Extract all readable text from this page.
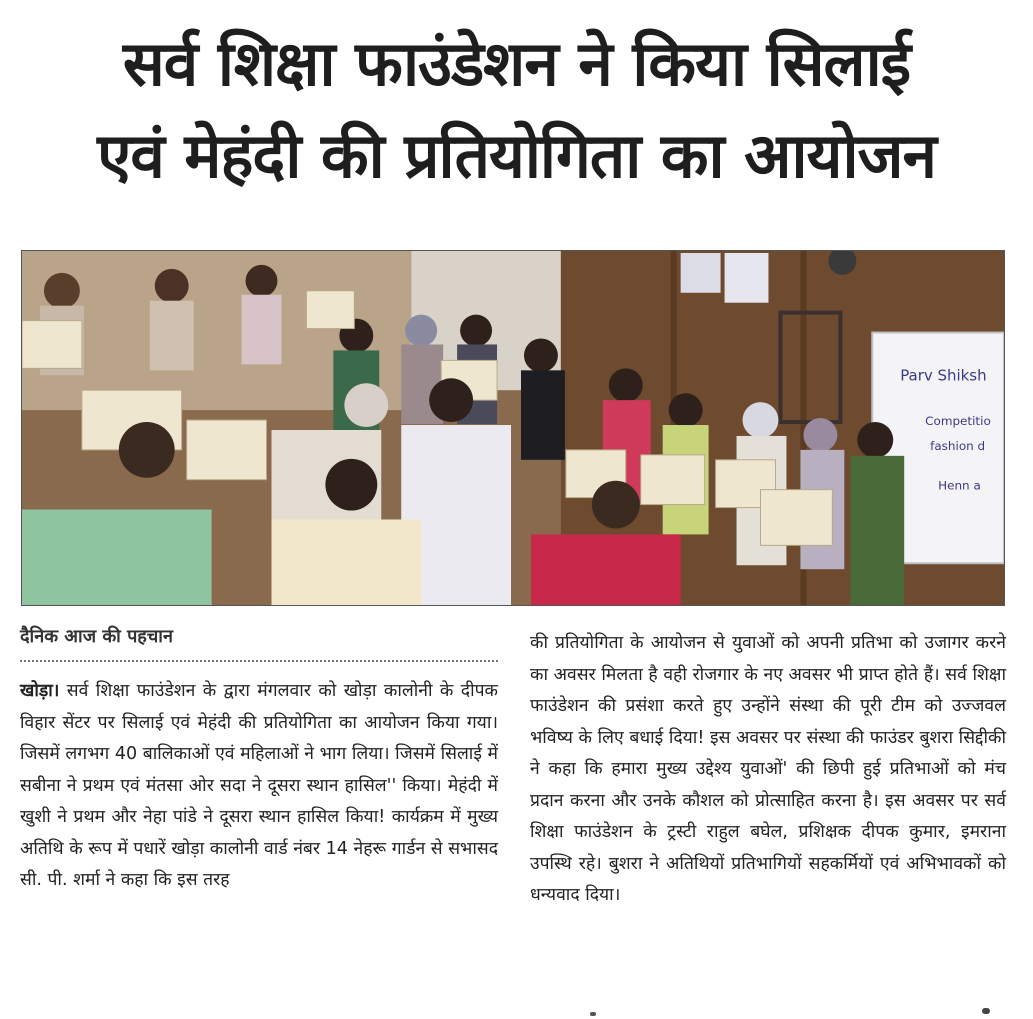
सर्व शिक्षा फाउंडेशन ने किया सिलाई
एवं मेहंदी की प्रतियोगिता का आयोजन
Parv Shiksh
Competitio
fashion d
Henn a
दैनिक आज की पहचान
खोड़ा। सर्व शिक्षा फाउंडेशन के द्वारा मंगलवार को खोड़ा कालोनी के दीपक विहार सेंटर पर सिलाई एवं मेहंदी की प्रतियोगिता का आयोजन किया गया। जिसमें लगभग 40 बालिकाओं एवं महिलाओं ने भाग लिया। जिसमें सिलाई में सबीना ने प्रथम एवं मंतसा ओर सदा ने दूसरा स्थान हासिल'' किया। मेहंदी में खुशी ने प्रथम और नेहा पांडे ने दूसरा स्थान हासिल किया! कार्यक्रम में मुख्य अतिथि के रूप में पधारें खोड़ा कालोनी वार्ड नंबर 14 नेहरू गार्डन से सभासद सी. पी. शर्मा ने कहा कि इस तरह
की प्रतियोगिता के आयोजन से युवाओं को अपनी प्रतिभा को उजागर करने का अवसर मिलता है वही रोजगार के नए अवसर भी प्राप्त होते हैं। सर्व शिक्षा फाउंडेशन की प्रसंशा करते हुए उन्होंने संस्था की पूरी टीम को उज्जवल भविष्य के लिए बधाई दिया! इस अवसर पर संस्था की फाउंडर बुशरा सिद्दीकी ने कहा कि हमारा मुख्य उद्देश्य युवाओं' की छिपी हुई प्रतिभाओं को मंच प्रदान करना और उनके कौशल को प्रोत्साहित करना है। इस अवसर पर सर्व शिक्षा फाउंडेशन के ट्रस्टी राहुल बघेल, प्रशिक्षक दीपक कुमार, इमराना उपस्थि रहे। बुशरा ने अतिथियों प्रतिभागियों सहकर्मियों एवं अभिभावकों को धन्यवाद दिया।
